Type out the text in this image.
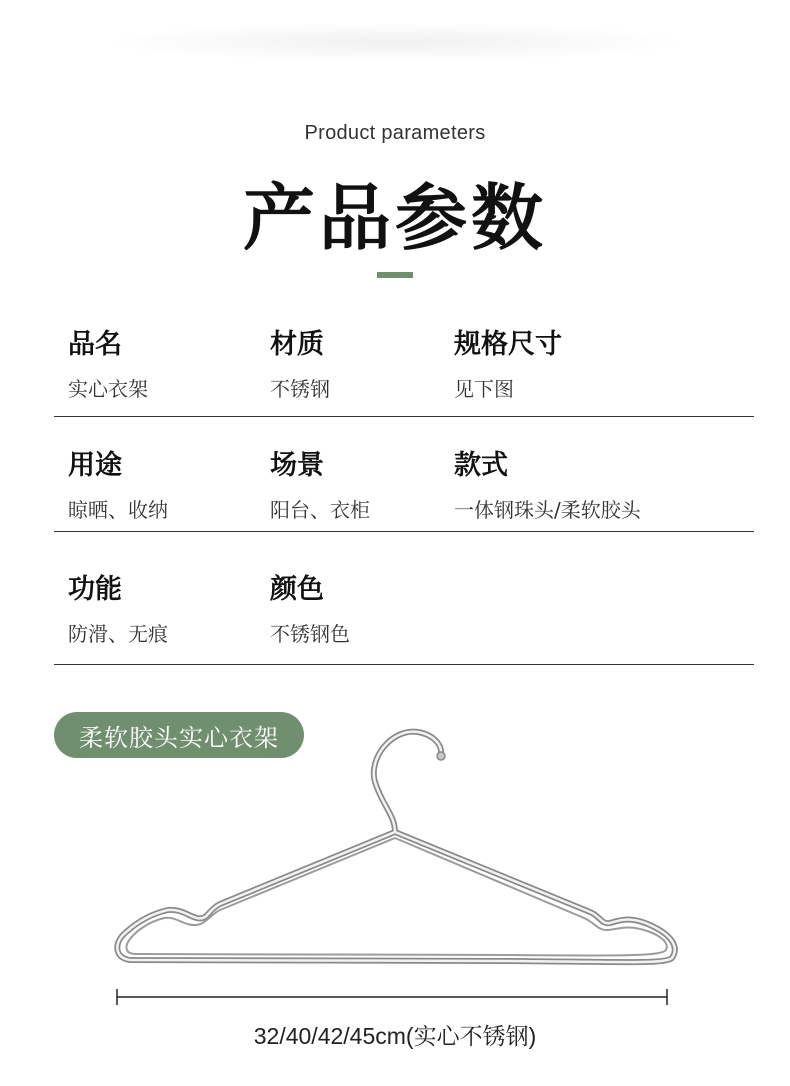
Product parameters
产品参数
品名
实心衣架
材质
不锈钢
规格尺寸
见下图
用途
晾晒、收纳
场景
阳台、衣柜
款式
一体钢珠头/柔软胶头
功能
防滑、无痕
颜色
不锈钢色
柔软胶头实心衣架
32/40/42/45cm(实心不锈钢)
